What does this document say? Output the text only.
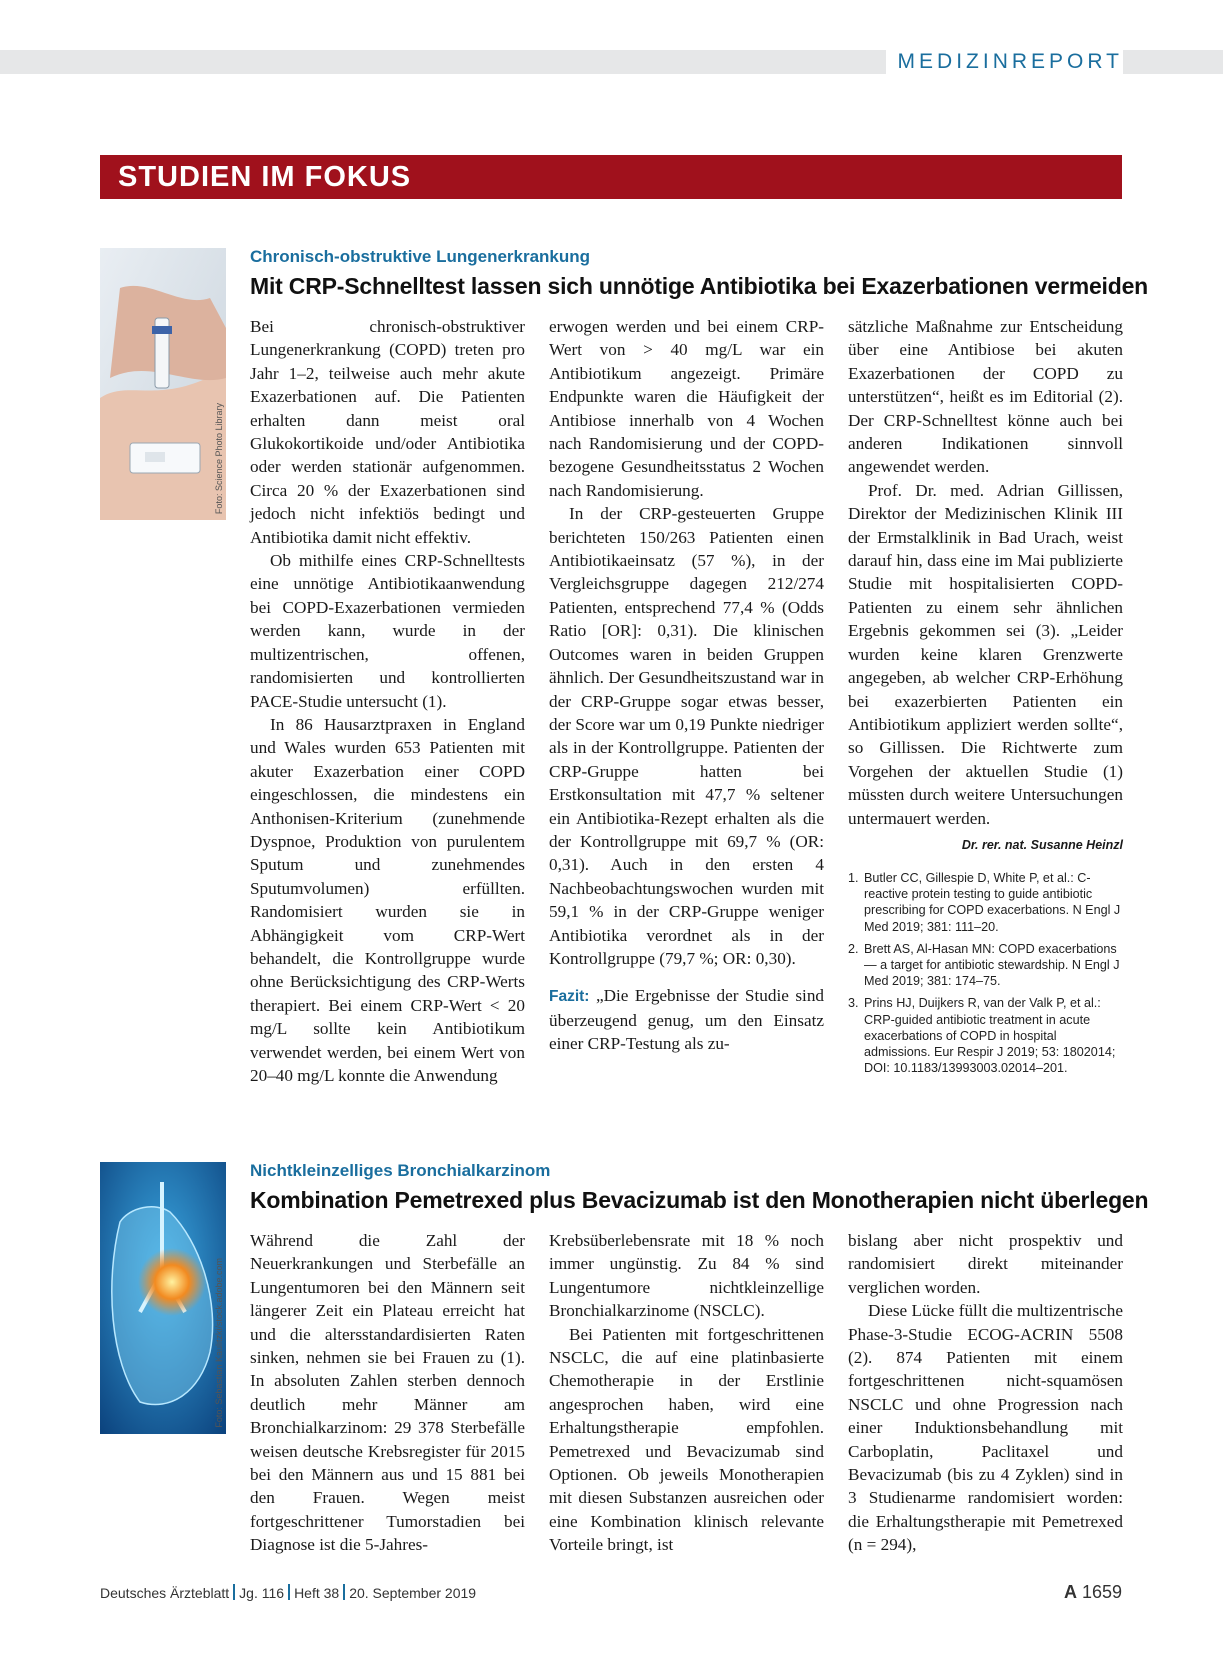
MEDIZINREPORT
STUDIEN IM FOKUS
Foto: Science Photo Library
Chronisch-obstruktive Lungenerkrankung
Mit CRP-Schnelltest lassen sich unnötige Antibiotika bei Exazerbationen vermeiden

Bei chronisch-obstruktiver Lungenerkrankung (COPD) treten pro Jahr 1–2, teilweise auch mehr akute Exazerbationen auf. Die Patienten erhalten dann meist oral Glukokortikoide und/oder Antibiotika oder werden stationär aufgenommen. Circa 20 % der Exazerbationen sind jedoch nicht infektiös bedingt und Antibiotika damit nicht effektiv.

Ob mithilfe eines CRP-Schnelltests eine unnötige Antibiotikaanwendung bei COPD-Exazerbationen vermieden werden kann, wurde in der multizentrischen, offenen, randomisierten und kontrollierten PACE-Studie untersucht (1).

In 86 Hausarztpraxen in England und Wales wurden 653 Patienten mit akuter Exazerbation einer COPD eingeschlossen, die mindestens ein Anthonisen-Kriterium (zunehmende Dyspnoe, Produktion von purulentem Sputum und zunehmendes Sputumvolumen) erfüllten. Randomisiert wurden sie in Abhängigkeit vom CRP-Wert behandelt, die Kontrollgruppe wurde ohne Berücksichtigung des CRP-Werts therapiert. Bei einem CRP-Wert < 20 mg/L sollte kein Antibiotikum verwendet werden, bei einem Wert von 20–40 mg/L konnte die Anwendung

erwogen werden und bei einem CRP-Wert von > 40 mg/L war ein Antibiotikum angezeigt. Primäre Endpunkte waren die Häufigkeit der Antibiose innerhalb von 4 Wochen nach Randomisierung und der COPD-bezogene Gesundheitsstatus 2 Wochen nach Randomisierung.

In der CRP-gesteuerten Gruppe berichteten 150/263 Patienten einen Antibiotikaeinsatz (57 %), in der Vergleichsgruppe dagegen 212/274 Patienten, entsprechend 77,4 % (Odds Ratio [OR]: 0,31). Die klinischen Outcomes waren in beiden Gruppen ähnlich. Der Gesundheitszustand war in der CRP-Gruppe sogar etwas besser, der Score war um 0,19 Punkte niedriger als in der Kontrollgruppe. Patienten der CRP-Gruppe hatten bei Erstkonsultation mit 47,7 % seltener ein Antibiotika-Rezept erhalten als die der Kontrollgruppe mit 69,7 % (OR: 0,31). Auch in den ersten 4 Nachbeobachtungswochen wurden mit 59,1 % in der CRP-Gruppe weniger Antibiotika verordnet als in der Kontrollgruppe (79,7 %; OR: 0,30).

Fazit: „Die Ergebnisse der Studie sind überzeugend genug, um den Einsatz einer CRP-Testung als zu-

sätzliche Maßnahme zur Entscheidung über eine Antibiose bei akuten Exazerbationen der COPD zu unterstützen“, heißt es im Editorial (2). Der CRP-Schnelltest könne auch bei anderen Indikationen sinnvoll angewendet werden.

Prof. Dr. med. Adrian Gillissen, Direktor der Medizinischen Klinik III der Ermstalklinik in Bad Urach, weist darauf hin, dass eine im Mai publizierte Studie mit hospitalisierten COPD-Patienten zu einem sehr ähnlichen Ergebnis gekommen sei (3). „Leider wurden keine klaren Grenzwerte angegeben, ab welcher CRP-Erhöhung bei exazerbierten Patienten ein Antibiotikum appliziert werden sollte“, so Gillissen. Die Richtwerte zum Vorgehen der aktuellen Studie (1) müssten durch weitere Untersuchungen untermauert werden.
Dr. rer. nat. Susanne Heinzl

1. Butler CC, Gillespie D, White P, et al.: C-reactive protein testing to guide antibiotic prescribing for COPD exacerbations. N Engl J Med 2019; 381: 111–20.
2. Brett AS, Al-Hasan MN: COPD exacerbations — a target for antibiotic stewardship. N Engl J Med 2019; 381: 174–75.
3. Prins HJ, Duijkers R, van der Valk P, et al.: CRP-guided antibiotic treatment in acute exacerbations of COPD in hospital admissions. Eur Respir J 2019; 53: 1802014; DOI: 10.1183/13993003.02014–201.
Foto: Sebastian Kaulitzki/stock.adobe.com
Nichtkleinzelliges Bronchialkarzinom
Kombination Pemetrexed plus Bevacizumab ist den Monotherapien nicht überlegen

Während die Zahl der Neuerkrankungen und Sterbefälle an Lungentumoren bei den Männern seit längerer Zeit ein Plateau erreicht hat und die altersstandardisierten Raten sinken, nehmen sie bei Frauen zu (1). In absoluten Zahlen sterben dennoch deutlich mehr Männer am Bronchialkarzinom: 29 378 Sterbefälle weisen deutsche Krebsregister für 2015 bei den Männern aus und 15 881 bei den Frauen. Wegen meist fortgeschrittener Tumorstadien bei Diagnose ist die 5-Jahres-

Krebsüberlebensrate mit 18 % noch immer ungünstig. Zu 84 % sind Lungentumore nichtkleinzellige Bronchialkarzinome (NSCLC).

Bei Patienten mit fortgeschrittenen NSCLC, die auf eine platinbasierte Chemotherapie in der Erstlinie angesprochen haben, wird eine Erhaltungstherapie empfohlen. Pemetrexed und Bevacizumab sind Optionen. Ob jeweils Monotherapien mit diesen Substanzen ausreichen oder eine Kombination klinisch relevante Vorteile bringt, ist

bislang aber nicht prospektiv und randomisiert direkt miteinander verglichen worden.

Diese Lücke füllt die multizentrische Phase-3-Studie ECOG-ACRIN 5508 (2). 874 Patienten mit einem fortgeschrittenen nicht-squamösen NSCLC und ohne Progression nach einer Induktionsbehandlung mit Carboplatin, Paclitaxel und Bevacizumab (bis zu 4 Zyklen) sind in 3 Studienarme randomisiert worden: die Erhaltungstherapie mit Pemetrexed (n = 294),

Deutsches Ärzteblatt Jg. 116 Heft 38 20. September 2019	A 1659
